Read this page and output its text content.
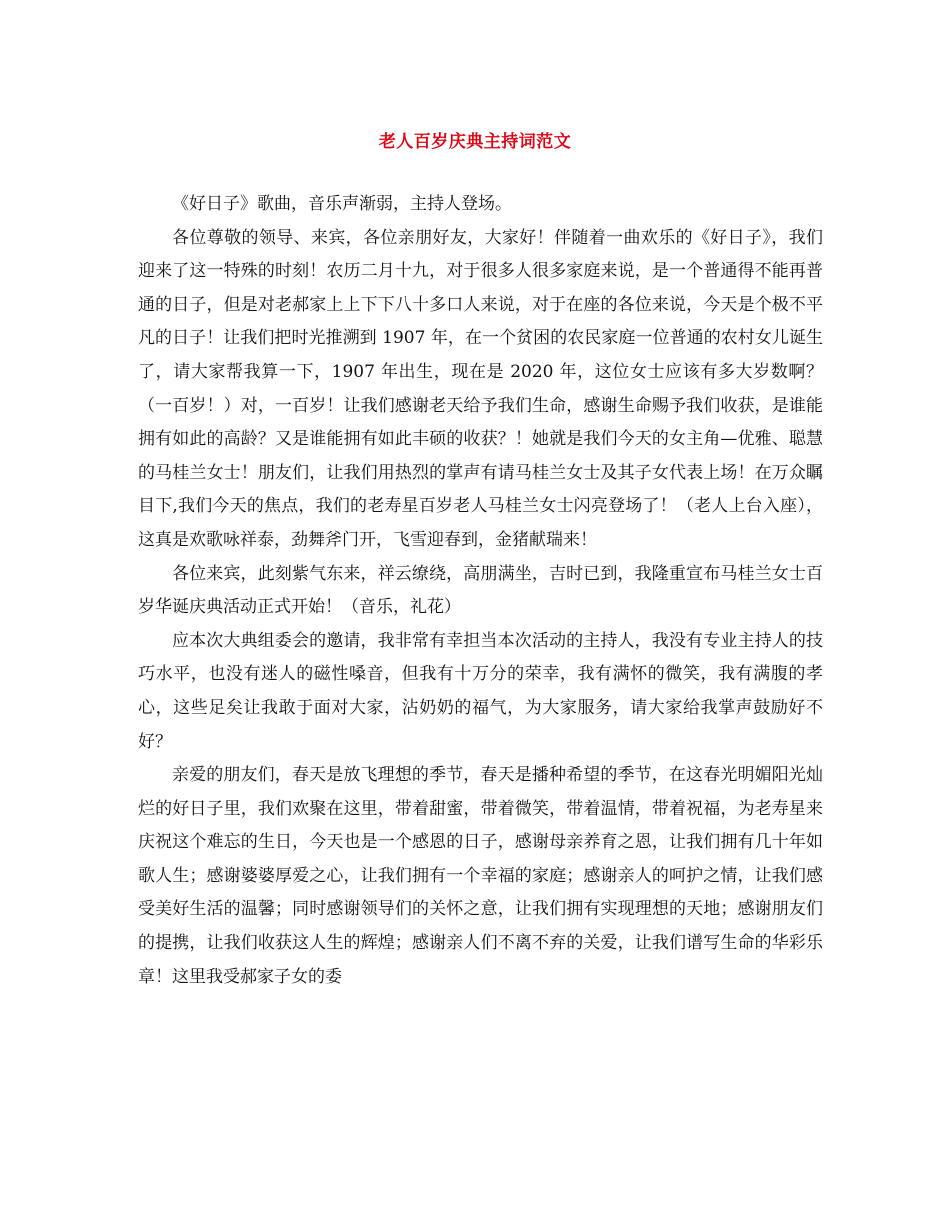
老人百岁庆典主持词范文

《好日子》歌曲，音乐声渐弱，主持人登场。

各位尊敬的领导、来宾，各位亲朋好友，大家好！伴随着一曲欢乐的《好日子》，我们迎来了这一特殊的时刻！农历二月十九，对于很多人很多家庭来说，是一个普通得不能再普通的日子，但是对老郝家上上下下八十多口人来说，对于在座的各位来说，今天是个极不平凡的日子！让我们把时光推溯到 1907 年，在一个贫困的农民家庭一位普通的农村女儿诞生了，请大家帮我算一下，1907 年出生，现在是 2020 年，这位女士应该有多大岁数啊？（一百岁！）对，一百岁！让我们感谢老天给予我们生命，感谢生命赐予我们收获，是谁能拥有如此的高龄？又是谁能拥有如此丰硕的收获？！她就是我们今天的女主角—优雅、聪慧的马桂兰女士！朋友们，让我们用热烈的掌声有请马桂兰女士及其子女代表上场！在万众瞩目下,我们今天的焦点，我们的老寿星百岁老人马桂兰女士闪亮登场了！（老人上台入座），这真是欢歌咏祥泰，劲舞斧门开，飞雪迎春到，金猪献瑞来！

各位来宾，此刻紫气东来，祥云缭绕，高朋满坐，吉时已到，我隆重宣布马桂兰女士百岁华诞庆典活动正式开始！（音乐，礼花）

应本次大典组委会的邀请，我非常有幸担当本次活动的主持人，我没有专业主持人的技巧水平，也没有迷人的磁性嗓音，但我有十万分的荣幸，我有满怀的微笑，我有满腹的孝心，这些足矣让我敢于面对大家，沾奶奶的福气，为大家服务，请大家给我掌声鼓励好不好？

亲爱的朋友们，春天是放飞理想的季节，春天是播种希望的季节，在这春光明媚阳光灿烂的好日子里，我们欢聚在这里，带着甜蜜，带着微笑，带着温情，带着祝福，为老寿星来庆祝这个难忘的生日，今天也是一个感恩的日子，感谢母亲养育之恩，让我们拥有几十年如歌人生；感谢婆婆厚爱之心，让我们拥有一个幸福的家庭；感谢亲人的呵护之情，让我们感受美好生活的温馨；同时感谢领导们的关怀之意，让我们拥有实现理想的天地；感谢朋友们的提携，让我们收获这人生的辉煌；感谢亲人们不离不弃的关爱，让我们谱写生命的华彩乐章！这里我受郝家子女的委
